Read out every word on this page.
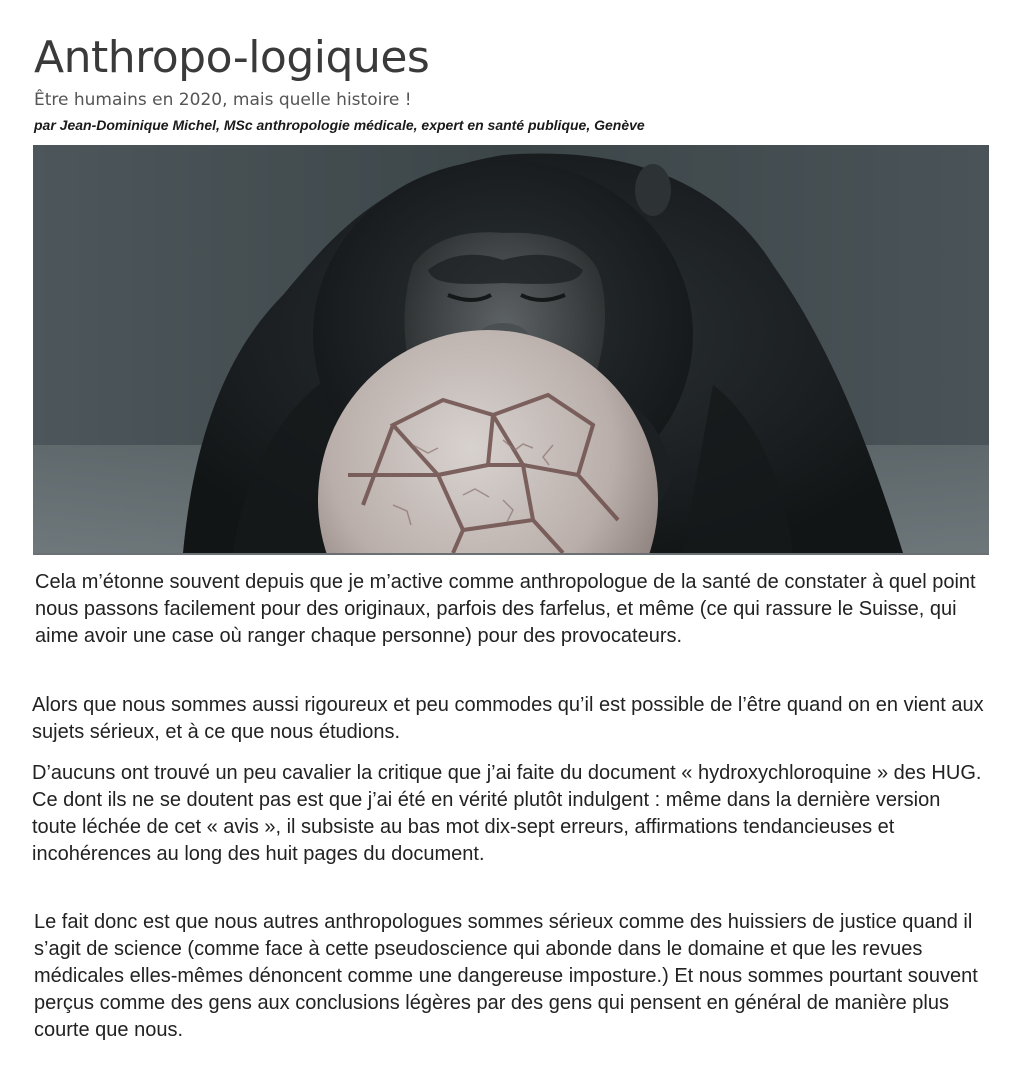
Anthropo-logiques

Être humains en 2020, mais quelle histoire !

par Jean-Dominique Michel, MSc anthropologie médicale, expert en santé publique, Genève

Cela m’étonne souvent depuis que je m’active comme anthropologue de la santé de constater à quel point nous passons facilement pour des originaux, parfois des farfelus, et même (ce qui rassure le Suisse, qui aime avoir une case où ranger chaque personne) pour des provocateurs.

Alors que nous sommes aussi rigoureux et peu commodes qu’il est possible de l’être quand on en vient aux sujets sérieux, et à ce que nous étudions.

D’aucuns ont trouvé un peu cavalier la critique que j’ai faite du document « hydroxychloroquine » des HUG. Ce dont ils ne se doutent pas est que j’ai été en vérité plutôt indulgent : même dans la dernière version toute léchée de cet « avis », il subsiste au bas mot dix-sept erreurs, affirmations tendancieuses et incohérences au long des huit pages du document.

Le fait donc est que nous autres anthropologues sommes sérieux comme des huissiers de justice quand il s’agit de science (comme face à cette pseudoscience qui abonde dans le domaine et que les revues médicales elles-mêmes dénoncent comme une dangereuse imposture.) Et nous sommes pourtant souvent perçus comme des gens aux conclusions légères par des gens qui pensent en général de manière plus courte que nous.
